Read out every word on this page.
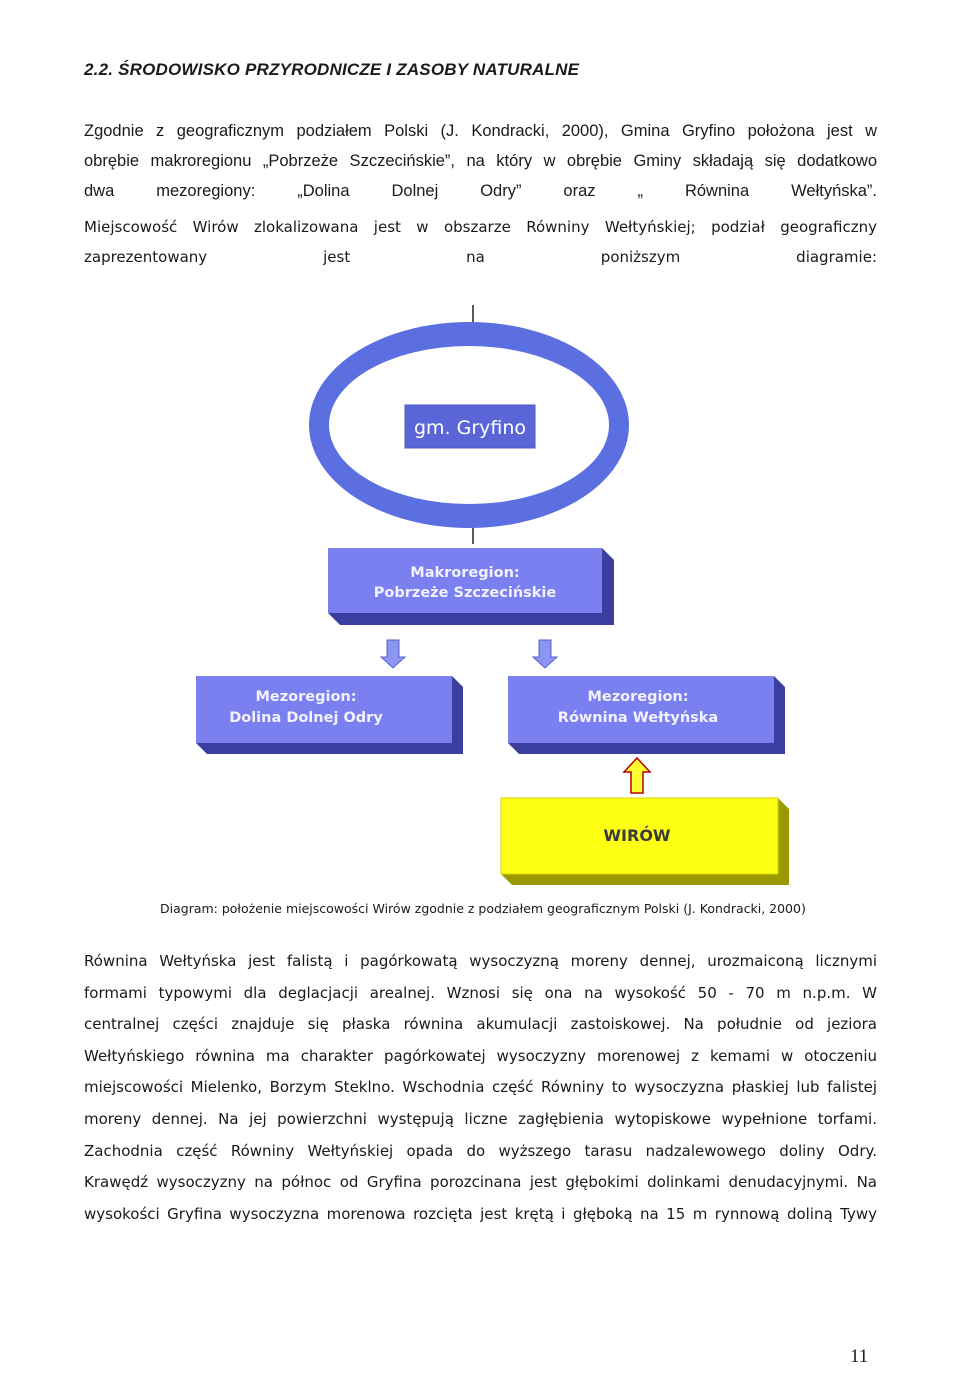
2.2. ŚRODOWISKO PRZYRODNICZE I ZASOBY NATURALNE
Zgodnie z geograficznym podziałem Polski (J. Kondracki, 2000), Gmina Gryfino położona jest w
obrębie makroregionu „Pobrzeże Szczecińskie”, na który w obrębie Gminy składają się dodatkowo
dwa mezoregiony: „Dolina Dolnej Odry” oraz „ Równina Wełtyńska”.
Miejscowość Wirów zlokalizowana jest w obszarze Równiny Wełtyńskiej; podział geograficzny
zaprezentowany jest na poniższym diagramie:
gm. Gryfino
Makroregion:
Pobrzeże Szczecińskie
Mezoregion:
Dolina Dolnej Odry
Mezoregion:
Równina Wełtyńska
WIRÓW
Diagram: położenie miejscowości Wirów zgodnie z podziałem geograficznym Polski (J. Kondracki, 2000)
Równina Wełtyńska jest falistą i pagórkowatą wysoczyzną moreny dennej, urozmaiconą licznymi
formami typowymi dla deglacjacji arealnej. Wznosi się ona na wysokość 50 - 70 m n.p.m. W
centralnej części znajduje się płaska równina akumulacji zastoiskowej. Na południe od jeziora
Wełtyńskiego równina ma charakter pagórkowatej wysoczyzny morenowej z kemami w otoczeniu
miejscowości Mielenko, Borzym Steklno. Wschodnia część Równiny to wysoczyzna płaskiej lub falistej
moreny dennej. Na jej powierzchni występują liczne zagłębienia wytopiskowe wypełnione torfami.
Zachodnia część Równiny Wełtyńskiej opada do wyższego tarasu nadzalewowego doliny Odry.
Krawędź wysoczyzny na północ od Gryfina porozcinana jest głębokimi dolinkami denudacyjnymi. Na
wysokości Gryfina wysoczyzna morenowa rozcięta jest krętą i głęboką na 15 m rynnową doliną Tywy
11
